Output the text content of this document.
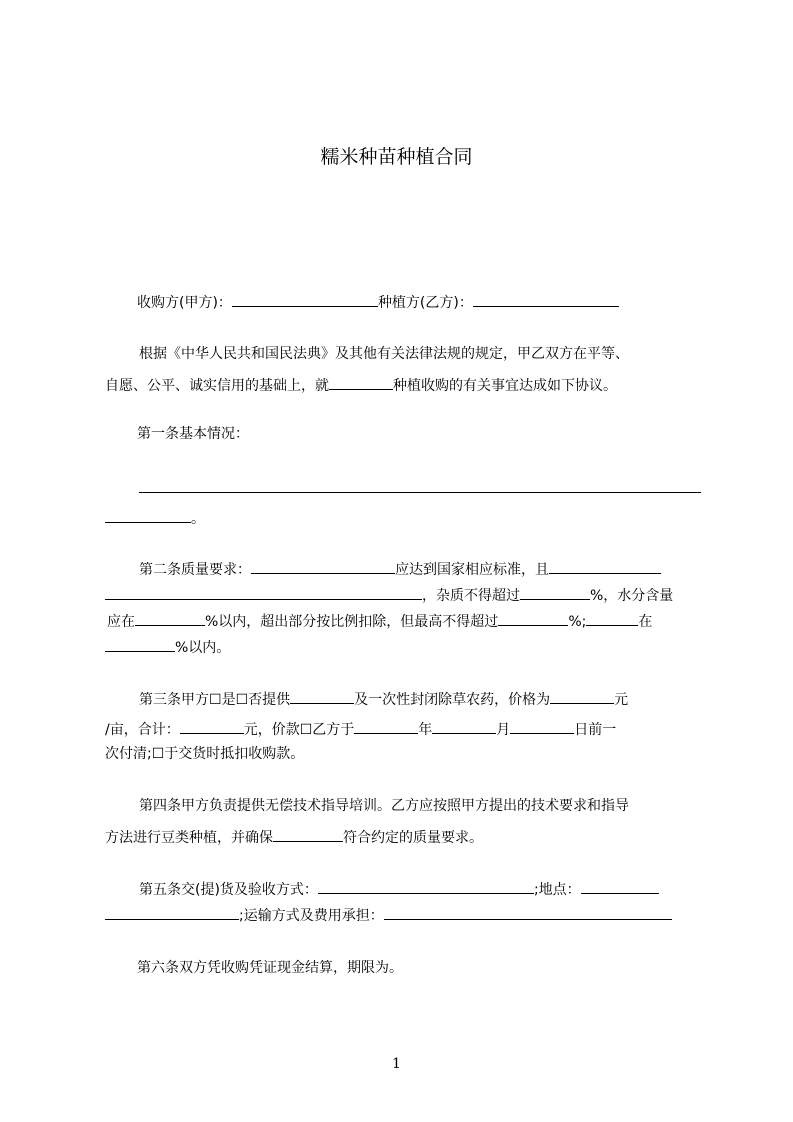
糯米种苗种植合同
收购方(甲方)：	种植方(乙方)：
根据《中华人民共和国民法典》及其他有关法律法规的规定，甲乙双方在平等、
自愿、公平、诚实信用的基础上，就	种植收购的有关事宜达成如下协议。
第一条基本情况：
。
第二条质量要求：	应达到国家相应标准，且
，杂质不得超过	%，水分含量
应在	%以内，超出部分按比例扣除，但最高不得超过	%;	在
%以内。
第三条甲方☐是☐否提供	及一次性封闭除草农药，价格为	元
/亩，合计：	元，价款☐乙方于	年	月	日前一
次付清;☐于交货时抵扣收购款。
第四条甲方负责提供无偿技术指导培训。乙方应按照甲方提出的技术要求和指导
方法进行豆类种植，并确保	符合约定的质量要求。
第五条交(提)货及验收方式：	;地点：
;运输方式及费用承担：
第六条双方凭收购凭证现金结算，期限为。
1
